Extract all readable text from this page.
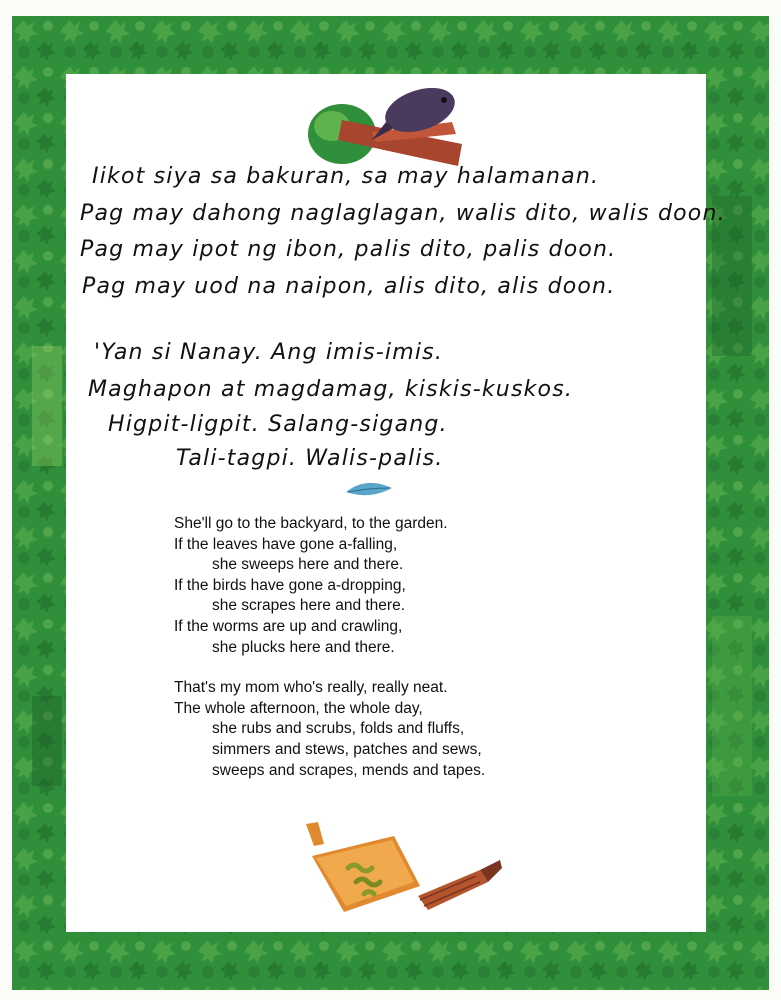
Iikot siya sa bakuran, sa may halamanan.
Pag may dahong naglaglagan, walis dito, walis doon.
Pag may ipot ng ibon, palis dito, palis doon.
Pag may uod na naipon, alis dito, alis doon.
'Yan si Nanay. Ang imis-imis.
Maghapon at magdamag, kiskis-kuskos.
Higpit-ligpit. Salang-sigang.
Tali-tagpi. Walis-palis.
She'll go to the backyard, to the garden.
If the leaves have gone a-falling,
she sweeps here and there.
If the birds have gone a-dropping,
she scrapes here and there.
If the worms are up and crawling,
she plucks here and there.
That's my mom who's really, really neat.
The whole afternoon, the whole day,
she rubs and scrubs, folds and fluffs,
simmers and stews, patches and sews,
sweeps and scrapes, mends and tapes.
